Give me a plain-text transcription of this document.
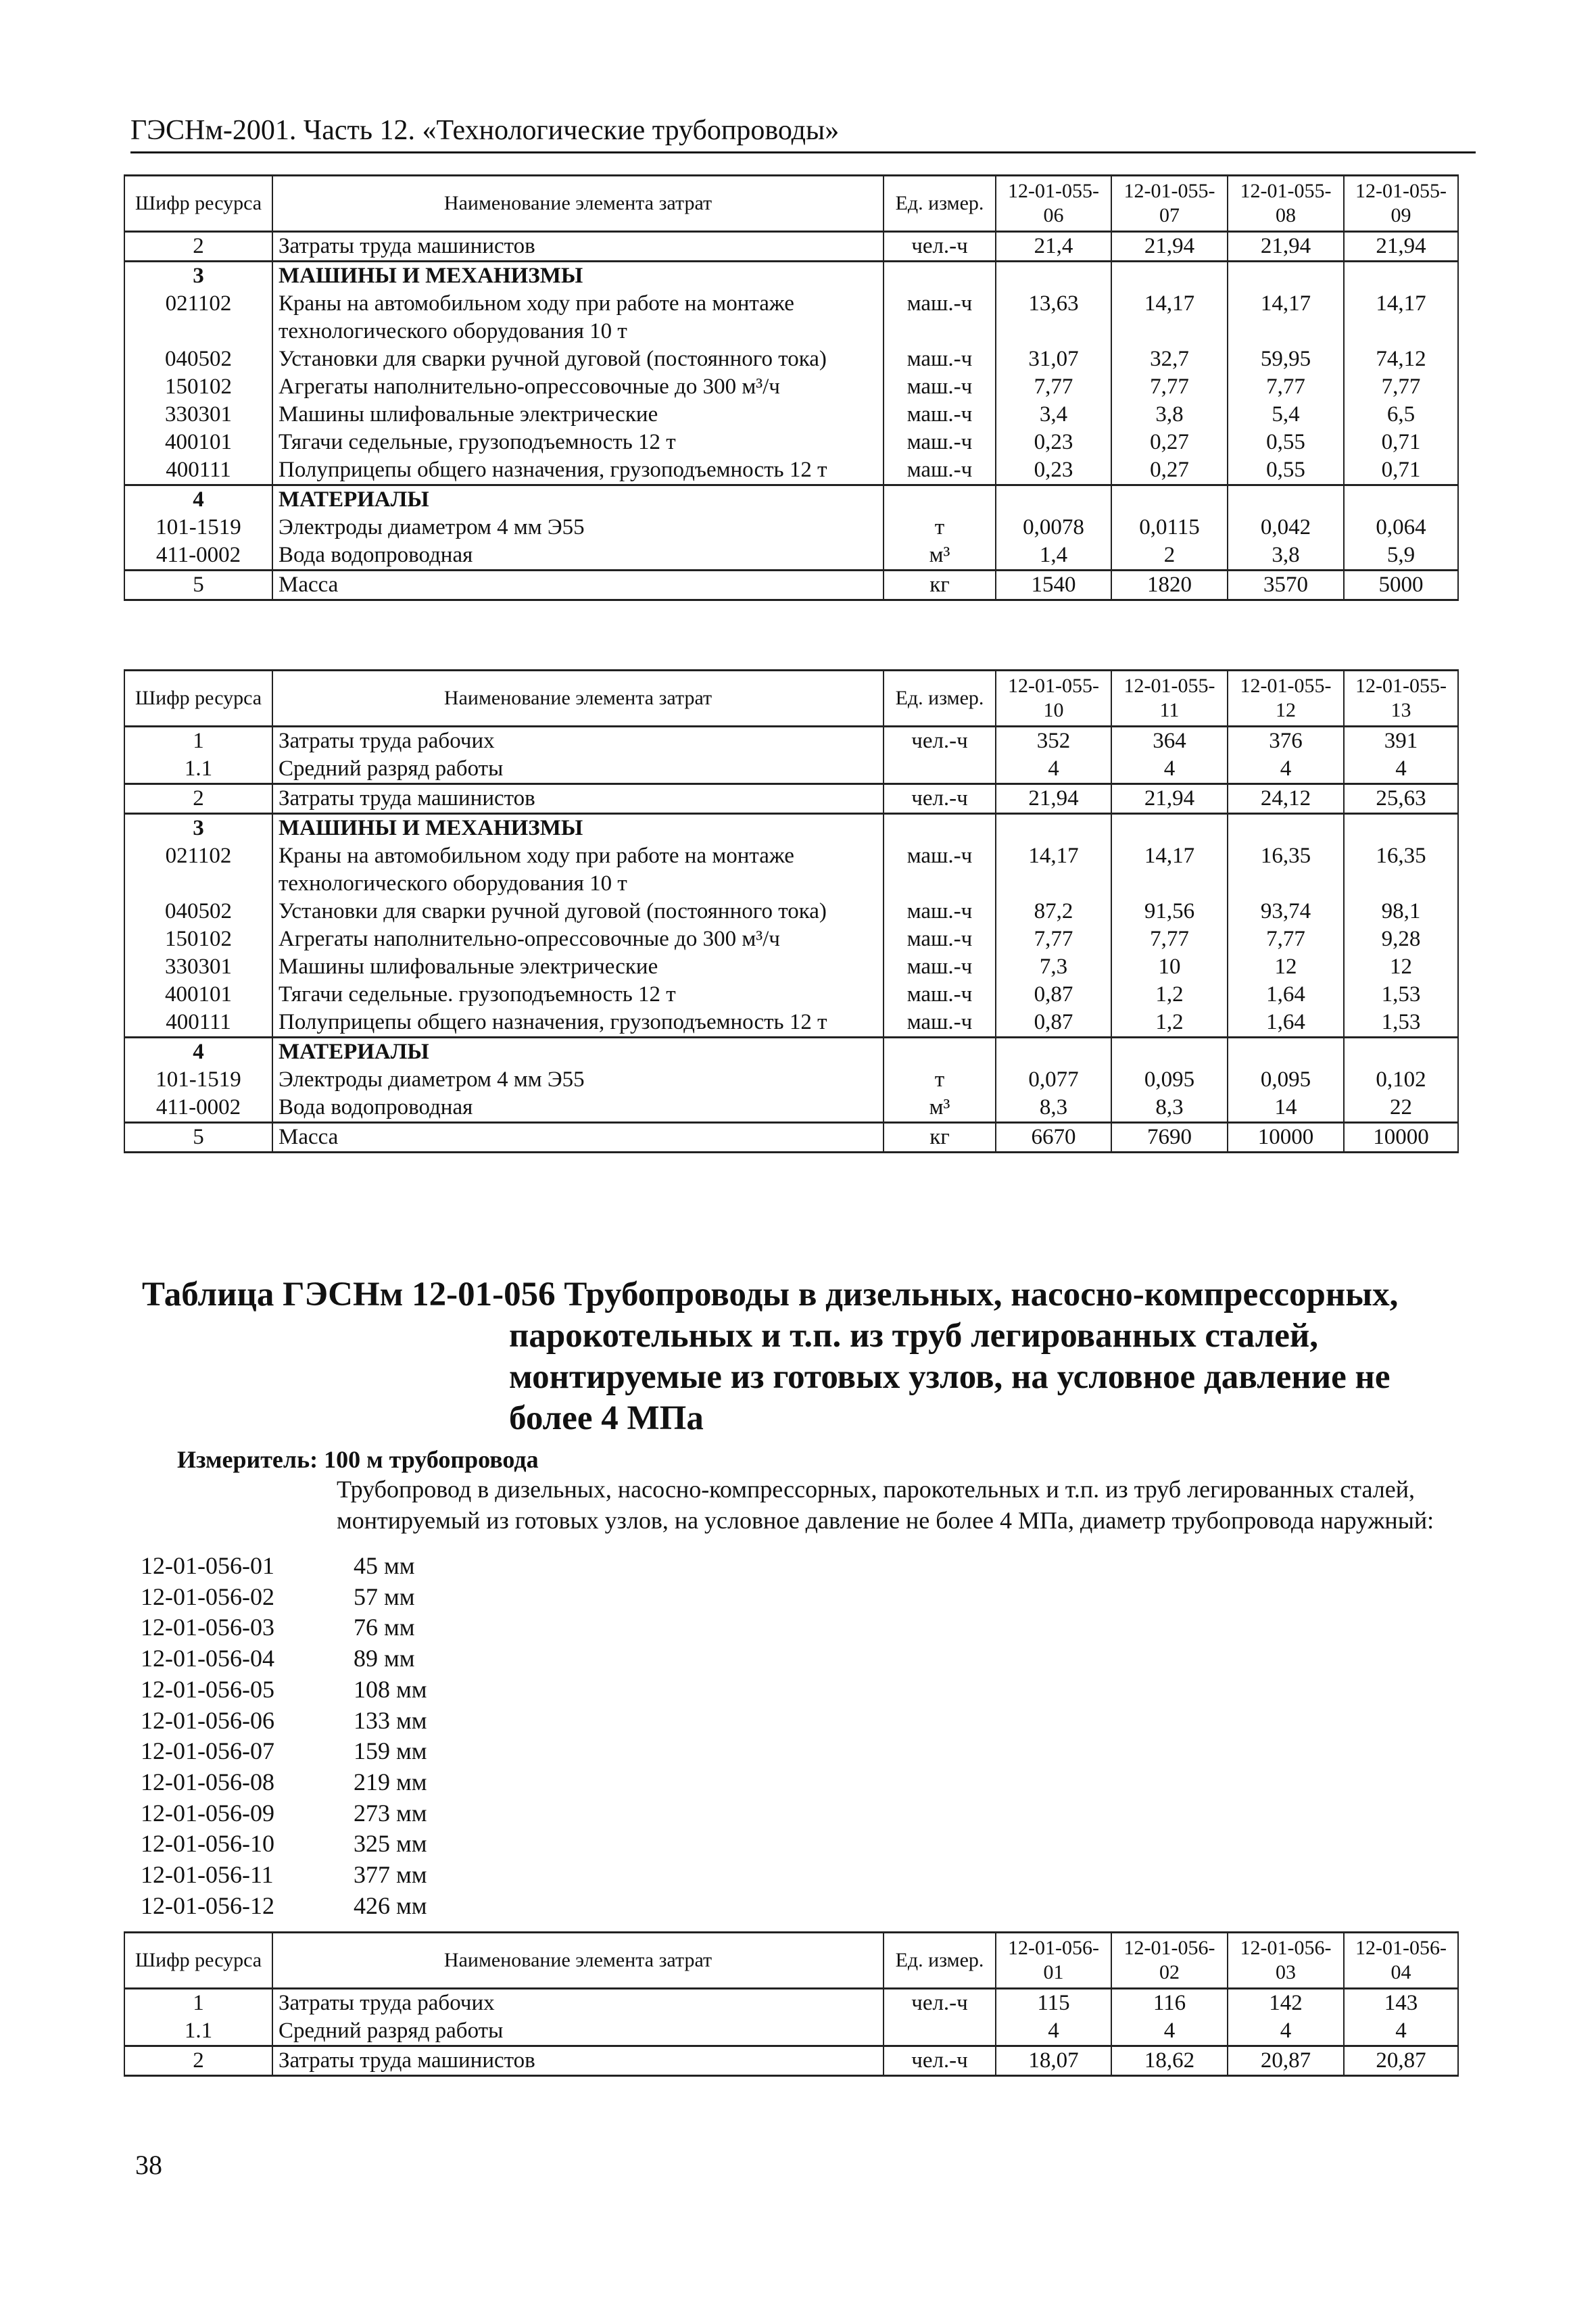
ГЭСНм-2001. Часть 12. «Технологические трубопроводы»
Шифр ресурса	Наименование элемента затрат	Ед. измер.	12-01-055-06	12-01-055-07	12-01-055-08	12-01-055-09
2	Затраты труда машинистов	чел.-ч	21,4	21,94	21,94	21,94
3	МАШИНЫ И МЕХАНИЗМЫ					
021102	Краны на автомобильном ходу при работе на монтаже технологического оборудования 10 т	маш.-ч	13,63	14,17	14,17	14,17
040502	Установки для сварки ручной дуговой (постоянного тока)	маш.-ч	31,07	32,7	59,95	74,12
150102	Агрегаты наполнительно-опрессовочные до 300 м³/ч	маш.-ч	7,77	7,77	7,77	7,77
330301	Машины шлифовальные электрические	маш.-ч	3,4	3,8	5,4	6,5
400101	Тягачи седельные, грузоподъемность 12 т	маш.-ч	0,23	0,27	0,55	0,71
400111	Полуприцепы общего назначения, грузоподъемность 12 т	маш.-ч	0,23	0,27	0,55	0,71
4	МАТЕРИАЛЫ					
101-1519	Электроды диаметром 4 мм Э55	т	0,0078	0,0115	0,042	0,064
411-0002	Вода водопроводная	м³	1,4	2	3,8	5,9
5	Масса	кг	1540	1820	3570	5000
Шифр ресурса	Наименование элемента затрат	Ед. измер.	12-01-055-10	12-01-055-11	12-01-055-12	12-01-055-13
1	Затраты труда рабочих	чел.-ч	352	364	376	391
1.1	Средний разряд работы		4	4	4	4
2	Затраты труда машинистов	чел.-ч	21,94	21,94	24,12	25,63
3	МАШИНЫ И МЕХАНИЗМЫ					
021102	Краны на автомобильном ходу при работе на монтаже технологического оборудования 10 т	маш.-ч	14,17	14,17	16,35	16,35
040502	Установки для сварки ручной дуговой (постоянного тока)	маш.-ч	87,2	91,56	93,74	98,1
150102	Агрегаты наполнительно-опрессовочные до 300 м³/ч	маш.-ч	7,77	7,77	7,77	9,28
330301	Машины шлифовальные электрические	маш.-ч	7,3	10	12	12
400101	Тягачи седельные. грузоподъемность 12 т	маш.-ч	0,87	1,2	1,64	1,53
400111	Полуприцепы общего назначения, грузоподъемность 12 т	маш.-ч	0,87	1,2	1,64	1,53
4	МАТЕРИАЛЫ					
101-1519	Электроды диаметром 4 мм Э55	т	0,077	0,095	0,095	0,102
411-0002	Вода водопроводная	м³	8,3	8,3	14	22
5	Масса	кг	6670	7690	10000	10000
Таблица ГЭСНм 12-01-056 Трубопроводы в дизельных, насосно-компрессорных,
парокотельных и т.п. из труб легированных сталей,
монтируемые из готовых узлов, на условное давление не
более 4 МПа
Измеритель: 100 м трубопровода
Трубопровод в дизельных, насосно-компрессорных, парокотельных и т.п. из труб легированных сталей, монтируемый из готовых узлов, на условное давление не более 4 МПа, диаметр трубопровода наружный:
12-01-056-01	45 мм
12-01-056-02	57 мм
12-01-056-03	76 мм
12-01-056-04	89 мм
12-01-056-05	108 мм
12-01-056-06	133 мм
12-01-056-07	159 мм
12-01-056-08	219 мм
12-01-056-09	273 мм
12-01-056-10	325 мм
12-01-056-11	377 мм
12-01-056-12	426 мм
Шифр ресурса	Наименование элемента затрат	Ед. измер.	12-01-056-01	12-01-056-02	12-01-056-03	12-01-056-04
1	Затраты труда рабочих	чел.-ч	115	116	142	143
1.1	Средний разряд работы		4	4	4	4
2	Затраты труда машинистов	чел.-ч	18,07	18,62	20,87	20,87
38
